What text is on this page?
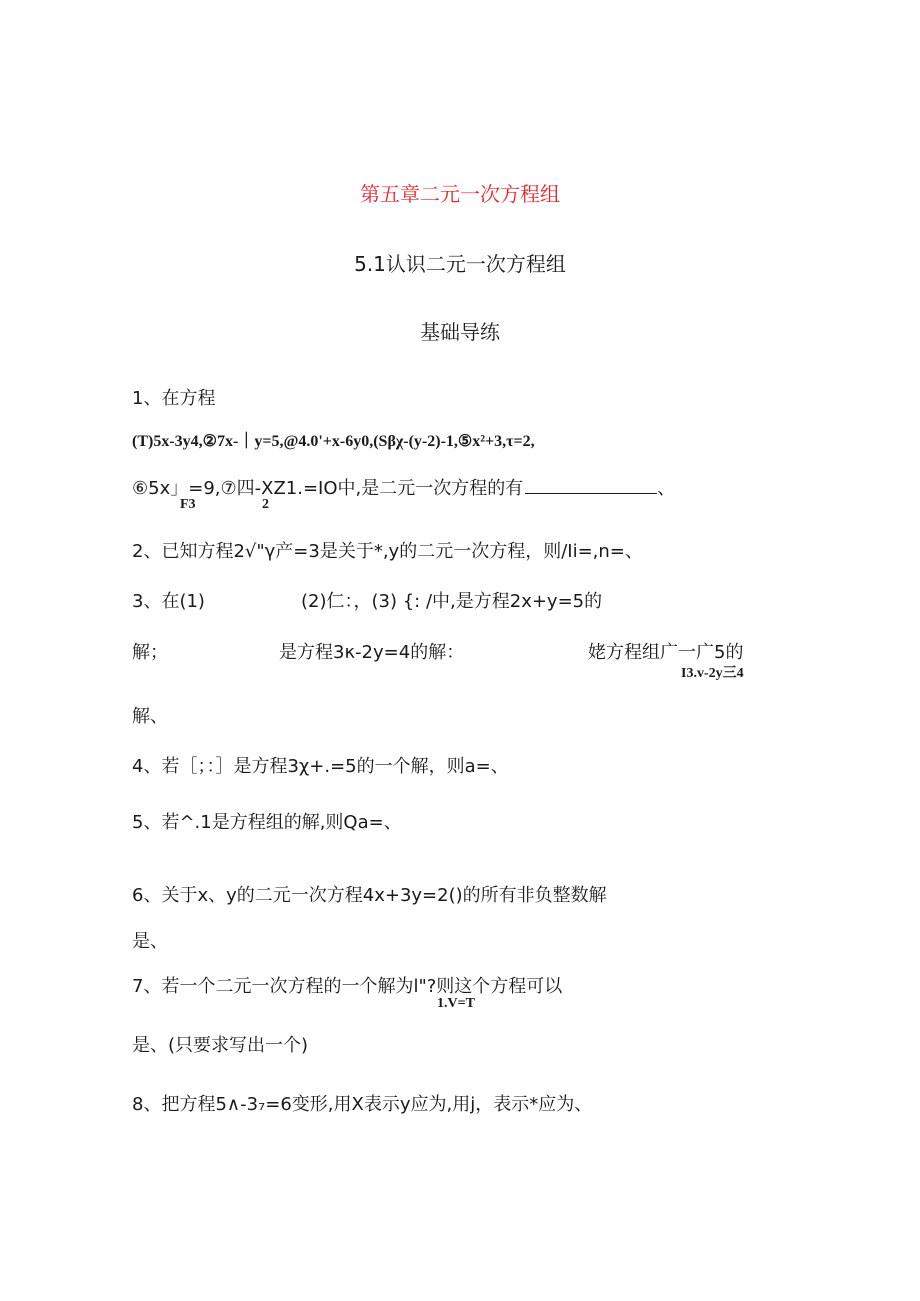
第五章二元一次方程组
5.1认识二元一次方程组
基础导练
1、在方程
(T)5x-3y4,②7x-｜y=5,@4.0'+x-6y0,(Sβχ-(y-2)-1,⑤x²+3,τ=2,
⑥5x」=9,⑦四-XZ1.=IO中,是二元一次方程的有	、
F3	2
2、已知方程2√"γ产=3是关于*,y的二元一次方程，则/Ii=,n=、
3、在(1)	(2)仁：，(3) {: /中,是方程2x+y=5的
解；	是方程3κ-2y=4的解：	姥方程组广一广5的
I3.v-2y三4
解、
4、若［；：］是方程3χ+.=5的一个解，则a=、
5、若^.1是方程组的解,则Qa=、
6、关于x、y的二元一次方程4x+3y=2()的所有非负整数解
是、
7、若一个二元一次方程的一个解为l"?则这个方程可以
1.V=T
是、(只要求写出一个)
8、把方程5∧-3₇=6变形,用X表示y应为,用j，表示*应为、
